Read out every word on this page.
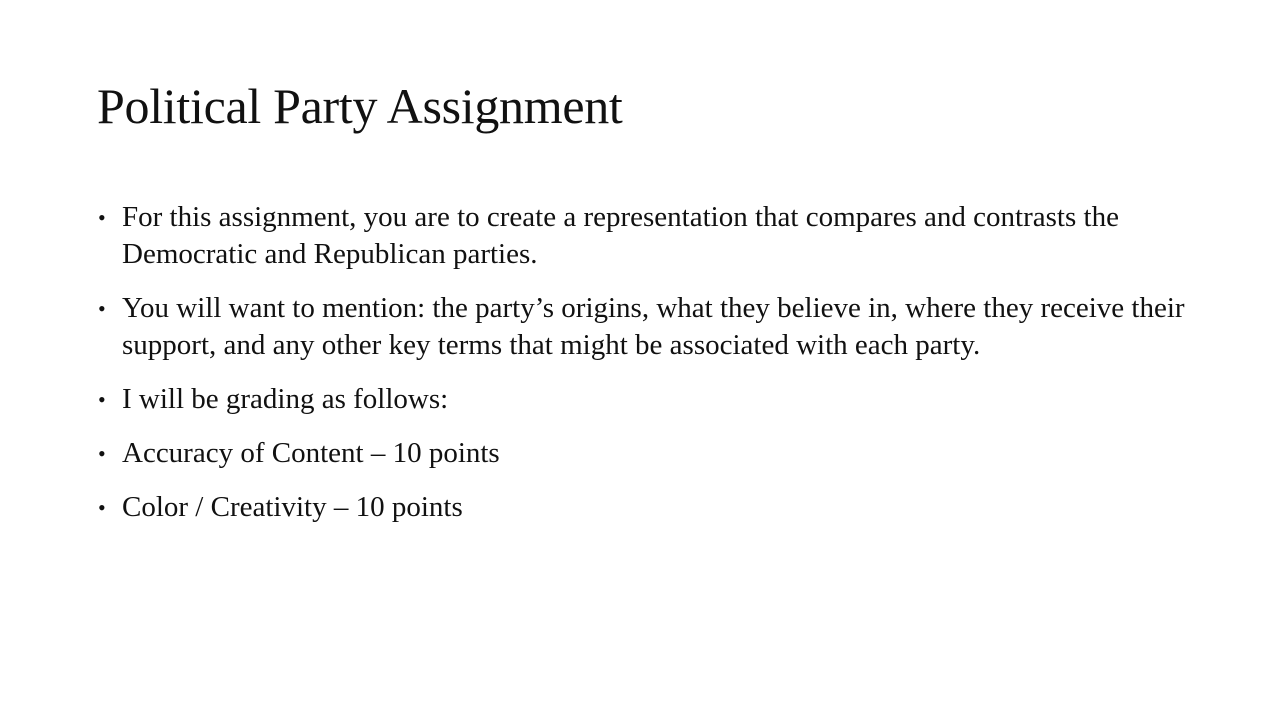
Political Party Assignment
• For this assignment, you are to create a representation that compares and contrasts the Democratic and Republican parties.
• You will want to mention: the party’s origins, what they believe in, where they receive their support, and any other key terms that might be associated with each party.
• I will be grading as follows:
• Accuracy of Content – 10 points
• Color / Creativity – 10 points
